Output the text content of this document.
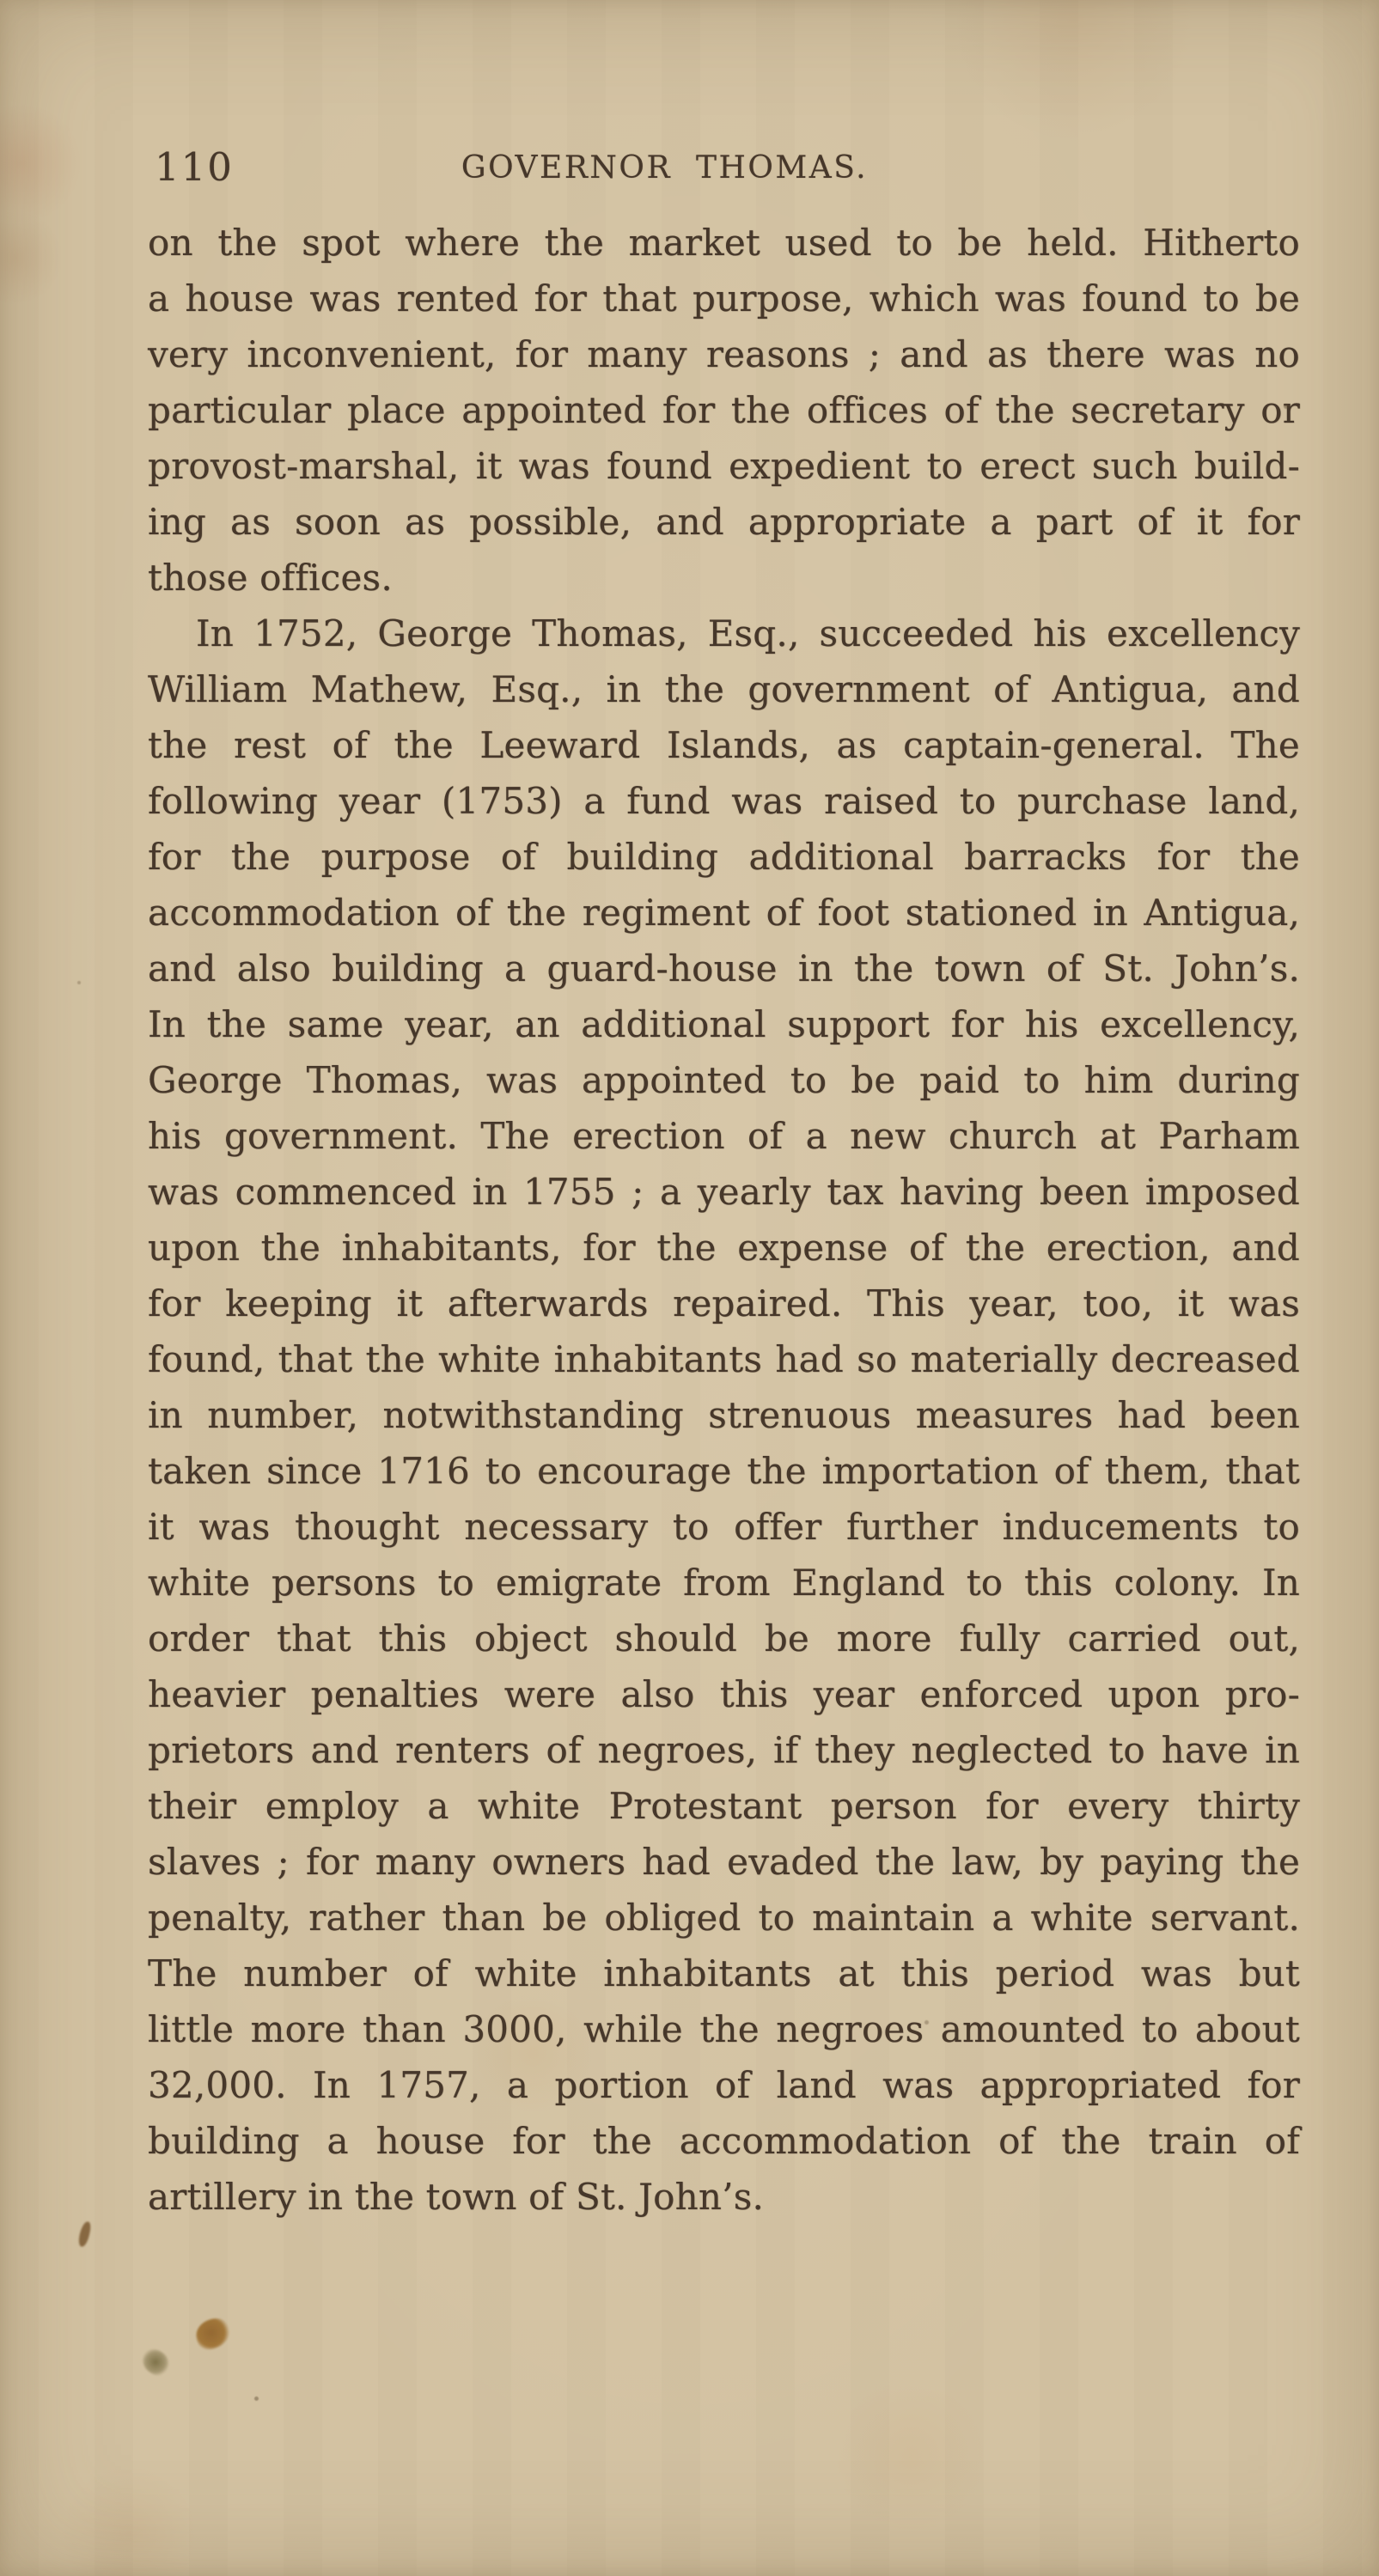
110	GOVERNOR THOMAS.
on the spot where the market used to be held. Hitherto
a house was rented for that purpose, which was found to be
very inconvenient, for many reasons ; and as there was no
particular place appointed for the offices of the secretary or
provost-marshal, it was found expedient to erect such build-
ing as soon as possible, and appropriate a part of it for
those offices.
In 1752, George Thomas, Esq., succeeded his excellency
William Mathew, Esq., in the government of Antigua, and
the rest of the Leeward Islands, as captain-general. The
following year (1753) a fund was raised to purchase land,
for the purpose of building additional barracks for the
accommodation of the regiment of foot stationed in Antigua,
and also building a guard-house in the town of St. John’s.
In the same year, an additional support for his excellency,
George Thomas, was appointed to be paid to him during
his government. The erection of a new church at Parham
was commenced in 1755 ; a yearly tax having been imposed
upon the inhabitants, for the expense of the erection, and
for keeping it afterwards repaired. This year, too, it was
found, that the white inhabitants had so materially decreased
in number, notwithstanding strenuous measures had been
taken since 1716 to encourage the importation of them, that
it was thought necessary to offer further inducements to
white persons to emigrate from England to this colony. In
order that this object should be more fully carried out,
heavier penalties were also this year enforced upon pro-
prietors and renters of negroes, if they neglected to have in
their employ a white Protestant person for every thirty
slaves ; for many owners had evaded the law, by paying the
penalty, rather than be obliged to maintain a white servant.
The number of white inhabitants at this period was but
little more than 3000, while the negroes amounted to about
32,000. In 1757, a portion of land was appropriated for
building a house for the accommodation of the train of
artillery in the town of St. John’s.
